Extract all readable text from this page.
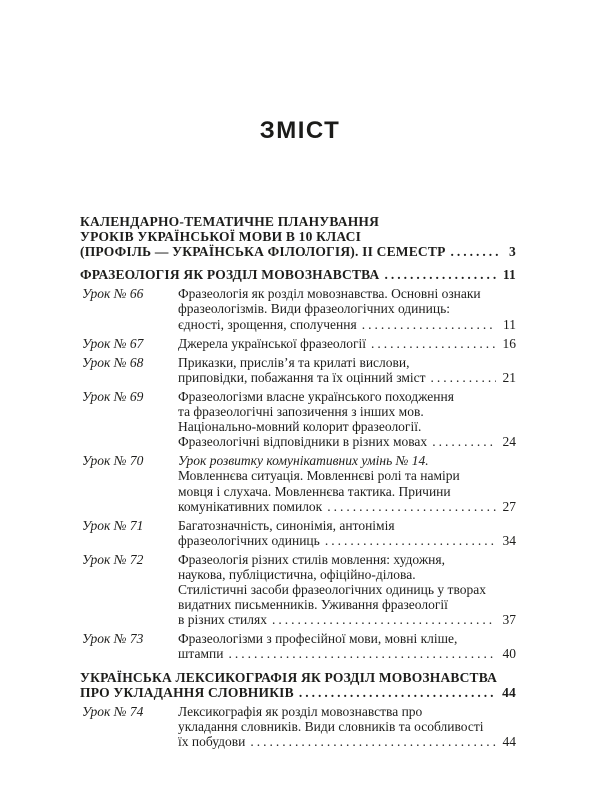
ЗМІСТ
КАЛЕНДАРНО-ТЕМАТИЧНЕ ПЛАНУВАННЯ
УРОКІВ УКРАЇНСЬКОЇ МОВИ В 10 КЛАСІ
(ПРОФІЛЬ — УКРАЇНСЬКА ФІЛОЛОГІЯ). ІІ СЕМЕСТР .....	3
ФРАЗЕОЛОГІЯ ЯК РОЗДІЛ МОВОЗНАВСТВА .....	11
Урок № 66	Фразеологія як розділ мовознавства. Основні ознаки
фразеологізмів. Види фразеологічних одиниць:
єдності, зрощення, сполучення .....	11
Урок № 67	Джерела української фразеології .....	16
Урок № 68	Приказки, прислів’я та крилаті вислови,
приповідки, побажання та їх оцінний зміст .....	21
Урок № 69	Фразеологізми власне українського походження
та фразеологічні запозичення з інших мов.
Національно-мовний колорит фразеології.
Фразеологічні відповідники в різних мовах .....	24
Урок № 70	Урок розвитку комунікативних умінь № 14.
Мовленнєва ситуація. Мовленнєві ролі та наміри
мовця і слухача. Мовленнєва тактика. Причини
комунікативних помилок .....	27
Урок № 71	Багатозначність, синонімія, антонімія
фразеологічних одиниць .....	34
Урок № 72	Фразеологія різних стилів мовлення: художня,
наукова, публіцистична, офіційно-ділова.
Стилістичні засоби фразеологічних одиниць у творах
видатних письменників. Уживання фразеології
в різних стилях .....	37
Урок № 73	Фразеологізми з професійної мови, мовні кліше,
штампи .....	40
УКРАЇНСЬКА ЛЕКСИКОГРАФІЯ ЯК РОЗДІЛ МОВОЗНАВСТВА
ПРО УКЛАДАННЯ СЛОВНИКІВ .....	44
Урок № 74	Лексикографія як розділ мовознавства про
укладання словників. Види словників та особливості
їх побудови .....	44
